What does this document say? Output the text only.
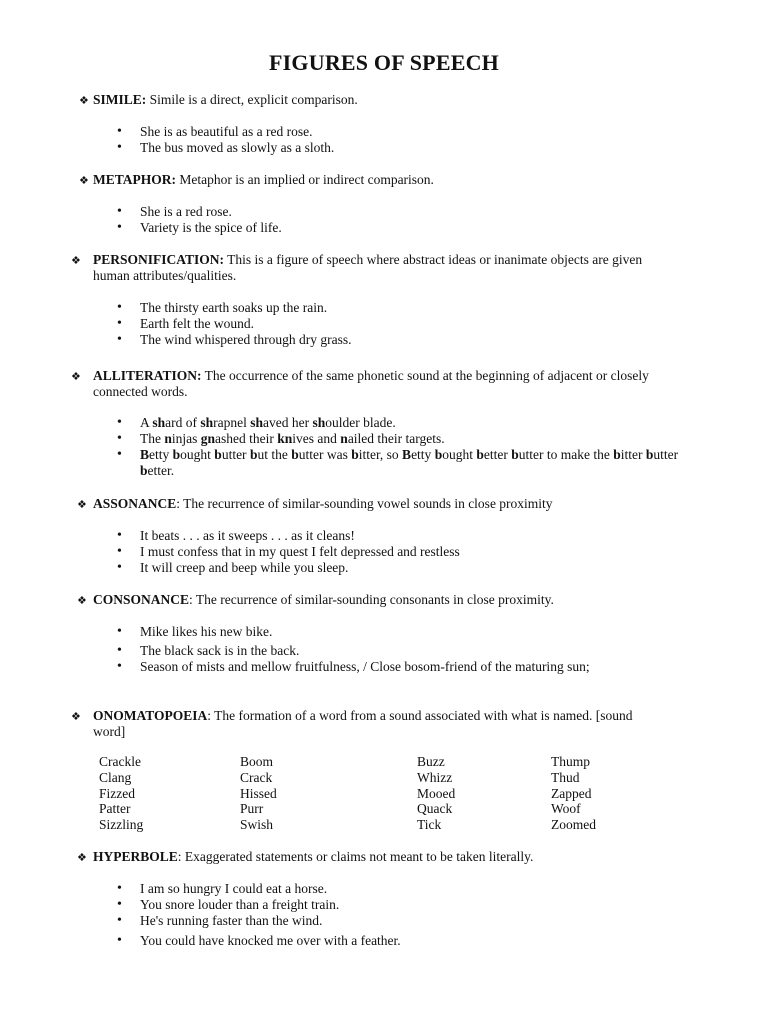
FIGURES OF SPEECH
❖ SIMILE: Simile is a direct, explicit comparison.
• She is as beautiful as a red rose.
• The bus moved as slowly as a sloth.
❖ METAPHOR: Metaphor is an implied or indirect comparison.
• She is a red rose.
• Variety is the spice of life.
❖ PERSONIFICATION: This is a figure of speech where abstract ideas or inanimate objects are given human attributes/qualities.
• The thirsty earth soaks up the rain.
• Earth felt the wound.
• The wind whispered through dry grass.
❖ ALLITERATION: The occurrence of the same phonetic sound at the beginning of adjacent or closely connected words.
• A shard of shrapnel shaved her shoulder blade.
• The ninjas gnashed their knives and nailed their targets.
• Betty bought butter but the butter was bitter, so Betty bought better butter to make the bitter butter better.
❖ ASSONANCE: The recurrence of similar-sounding vowel sounds in close proximity
• It beats . . . as it sweeps . . . as it cleans!
• I must confess that in my quest I felt depressed and restless
• It will creep and beep while you sleep.
❖ CONSONANCE: The recurrence of similar-sounding consonants in close proximity.
• Mike likes his new bike.
• The black sack is in the back.
• Season of mists and mellow fruitfulness, / Close bosom-friend of the maturing sun;
❖ ONOMATOPOEIA: The formation of a word from a sound associated with what is named. [sound word]
Crackle	Boom	Buzz	Thump
Clang	Crack	Whizz	Thud
Fizzed	Hissed	Mooed	Zapped
Patter	Purr	Quack	Woof
Sizzling	Swish	Tick	Zoomed
❖ HYPERBOLE: Exaggerated statements or claims not meant to be taken literally.
• I am so hungry I could eat a horse.
• You snore louder than a freight train.
• He's running faster than the wind.
• You could have knocked me over with a feather.
